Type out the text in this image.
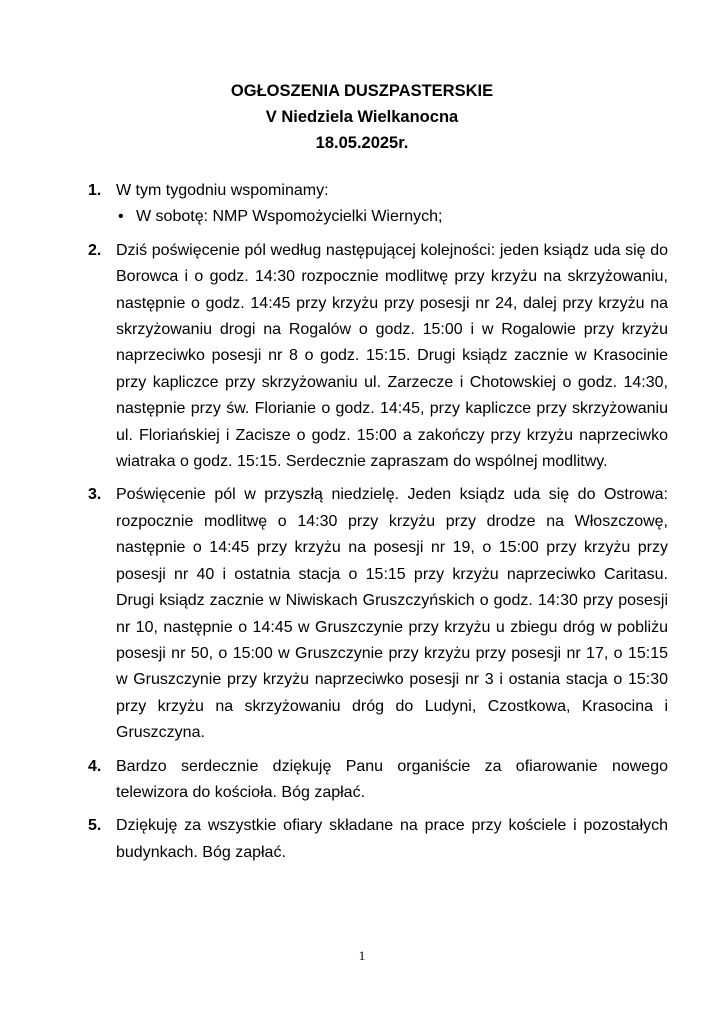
OGŁOSZENIA DUSZPASTERSKIE
V Niedziela Wielkanocna
18.05.2025r.
1. W tym tygodniu wspominamy:
• W sobotę: NMP Wspomożycielki Wiernych;
2. Dziś poświęcenie pól według następującej kolejności: jeden ksiądz uda się do Borowca i o godz. 14:30 rozpocznie modlitwę przy krzyżu na skrzyżowaniu, następnie o godz. 14:45 przy krzyżu przy posesji nr 24, dalej przy krzyżu na skrzyżowaniu drogi na Rogalów o godz. 15:00 i w Rogalowie przy krzyżu naprzeciwko posesji nr 8 o godz. 15:15. Drugi ksiądz zacznie w Krasocinie przy kapliczce przy skrzyżowaniu ul. Zarzecze i Chotowskiej o godz. 14:30, następnie przy św. Florianie o godz. 14:45, przy kapliczce przy skrzyżowaniu ul. Floriańskiej i Zacisze o godz. 15:00 a zakończy przy krzyżu naprzeciwko wiatraka o godz. 15:15. Serdecznie zapraszam do wspólnej modlitwy.
3. Poświęcenie pól w przyszłą niedzielę. Jeden ksiądz uda się do Ostrowa: rozpocznie modlitwę o 14:30 przy krzyżu przy drodze na Włoszczowę, następnie o 14:45 przy krzyżu na posesji nr 19, o 15:00 przy krzyżu przy posesji nr 40 i ostatnia stacja o 15:15 przy krzyżu naprzeciwko Caritasu. Drugi ksiądz zacznie w Niwiskach Gruszczyńskich o godz. 14:30 przy posesji nr 10, następnie o 14:45 w Gruszczynie przy krzyżu u zbiegu dróg w pobliżu posesji nr 50, o 15:00 w Gruszczynie przy krzyżu przy posesji nr 17, o 15:15 w Gruszczynie przy krzyżu naprzeciwko posesji nr 3 i ostania stacja o 15:30 przy krzyżu na skrzyżowaniu dróg do Ludyni, Czostkowa, Krasocina i Gruszczyna.
4. Bardzo serdecznie dziękuję Panu organiście za ofiarowanie nowego telewizora do kościoła. Bóg zapłać.
5. Dziękuję za wszystkie ofiary składane na prace przy kościele i pozostałych budynkach. Bóg zapłać.
1
